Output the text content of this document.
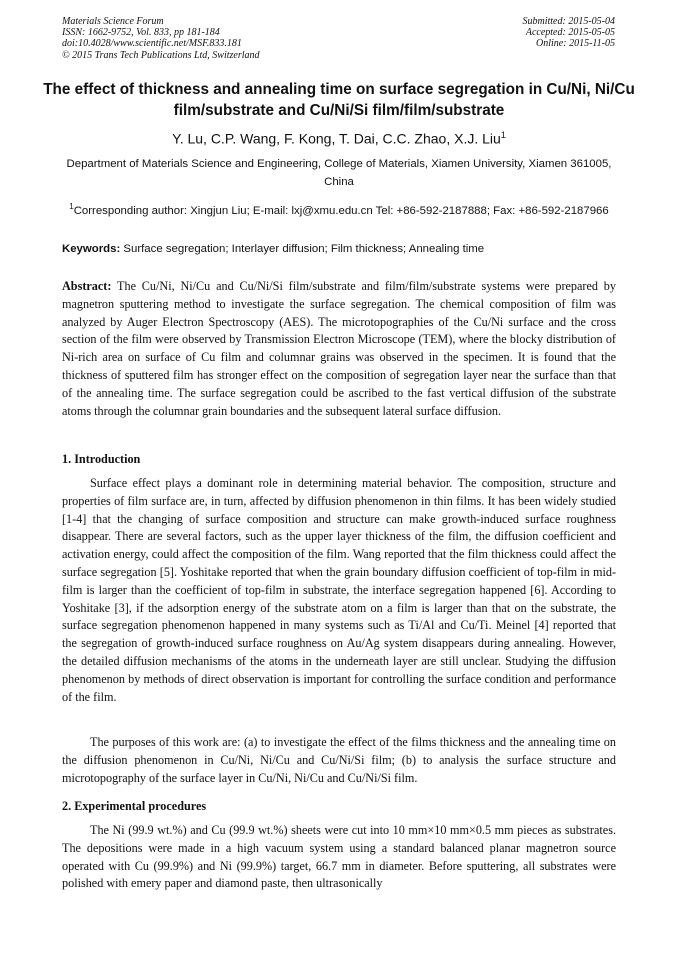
Materials Science Forum
ISSN: 1662-9752, Vol. 833, pp 181-184
doi:10.4028/www.scientific.net/MSF.833.181
© 2015 Trans Tech Publications Ltd, Switzerland
Submitted: 2015-05-04
Accepted: 2015-05-05
Online: 2015-11-05
The effect of thickness and annealing time on surface segregation in Cu/Ni, Ni/Cu film/substrate and Cu/Ni/Si film/film/substrate
Y. Lu, C.P. Wang, F. Kong, T. Dai, C.C. Zhao, X.J. Liu$^1$
Department of Materials Science and Engineering, College of Materials, Xiamen University, Xiamen 361005, China
$^1$Corresponding author: Xingjun Liu; E-mail: lxj@xmu.edu.cn Tel: +86-592-2187888; Fax: +86-592-2187966
Keywords: Surface segregation; Interlayer diffusion; Film thickness; Annealing time
Abstract: The Cu/Ni, Ni/Cu and Cu/Ni/Si film/substrate and film/film/substrate systems were prepared by magnetron sputtering method to investigate the surface segregation. The chemical composition of film was analyzed by Auger Electron Spectroscopy (AES). The microtopographies of the Cu/Ni surface and the cross section of the film were observed by Transmission Electron Microscope (TEM), where the blocky distribution of Ni-rich area on surface of Cu film and columnar grains was observed in the specimen. It is found that the thickness of sputtered film has stronger effect on the composition of segregation layer near the surface than that of the annealing time. The surface segregation could be ascribed to the fast vertical diffusion of the substrate atoms through the columnar grain boundaries and the subsequent lateral surface diffusion.
1. Introduction
Surface effect plays a dominant role in determining material behavior. The composition, structure and properties of film surface are, in turn, affected by diffusion phenomenon in thin films. It has been widely studied [1-4] that the changing of surface composition and structure can make growth-induced surface roughness disappear. There are several factors, such as the upper layer thickness of the film, the diffusion coefficient and activation energy, could affect the composition of the film. Wang reported that the film thickness could affect the surface segregation [5]. Yoshitake reported that when the grain boundary diffusion coefficient of top-film in mid-film is larger than the coefficient of top-film in substrate, the interface segregation happened [6]. According to Yoshitake [3], if the adsorption energy of the substrate atom on a film is larger than that on the substrate, the surface segregation phenomenon happened in many systems such as Ti/Al and Cu/Ti. Meinel [4] reported that the segregation of growth-induced surface roughness on Au/Ag system disappears during annealing. However, the detailed diffusion mechanisms of the atoms in the underneath layer are still unclear. Studying the diffusion phenomenon by methods of direct observation is important for controlling the surface condition and performance of the film.
The purposes of this work are: (a) to investigate the effect of the films thickness and the annealing time on the diffusion phenomenon in Cu/Ni, Ni/Cu and Cu/Ni/Si film; (b) to analysis the surface structure and microtopography of the surface layer in Cu/Ni, Ni/Cu and Cu/Ni/Si film.
2. Experimental procedures
The Ni (99.9 wt.%) and Cu (99.9 wt.%) sheets were cut into 10 mm×10 mm×0.5 mm pieces as substrates. The depositions were made in a high vacuum system using a standard balanced planar magnetron source operated with Cu (99.9%) and Ni (99.9%) target, 66.7 mm in diameter. Before sputtering, all substrates were polished with emery paper and diamond paste, then ultrasonically
